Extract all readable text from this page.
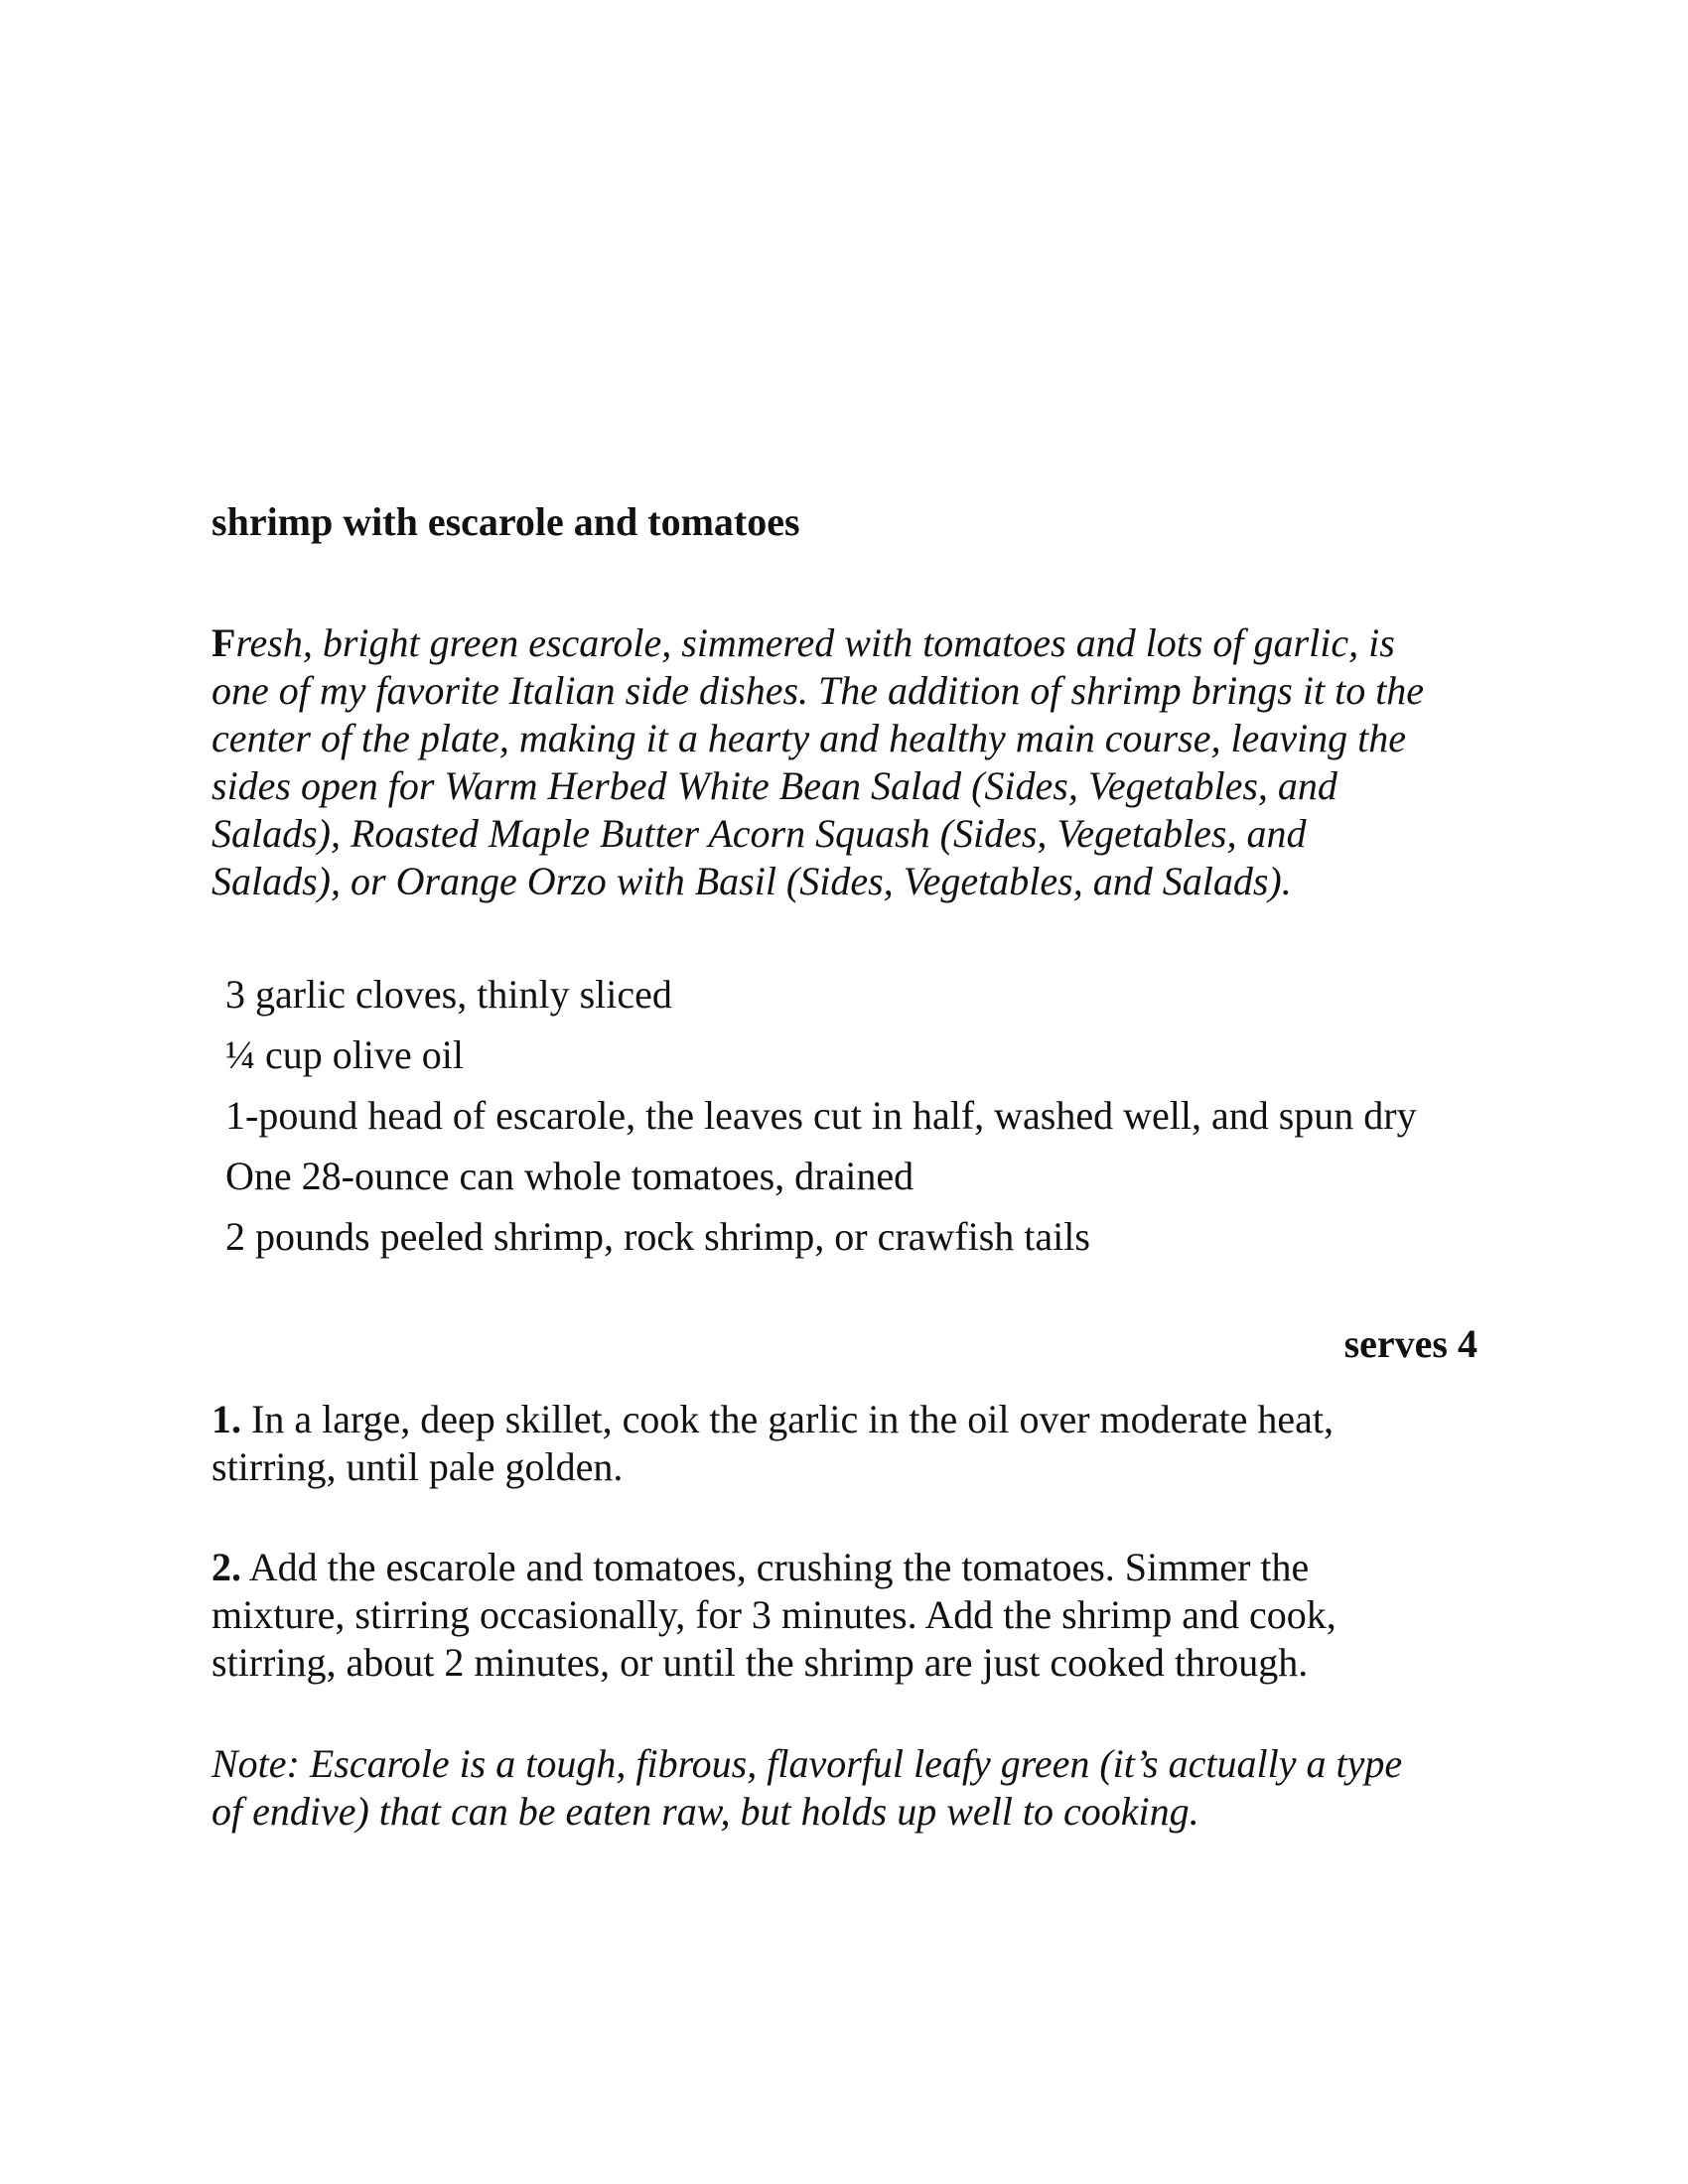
shrimp with escarole and tomatoes

Fresh, bright green escarole, simmered with tomatoes and lots of garlic, is
one of my favorite Italian side dishes. The addition of shrimp brings it to the
center of the plate, making it a hearty and healthy main course, leaving the
sides open for Warm Herbed White Bean Salad (Sides, Vegetables, and
Salads), Roasted Maple Butter Acorn Squash (Sides, Vegetables, and
Salads), or Orange Orzo with Basil (Sides, Vegetables, and Salads).

3 garlic cloves, thinly sliced
¼ cup olive oil
1-pound head of escarole, the leaves cut in half, washed well, and spun dry
One 28-ounce can whole tomatoes, drained
2 pounds peeled shrimp, rock shrimp, or crawfish tails
serves 4

1. In a large, deep skillet, cook the garlic in the oil over moderate heat,
stirring, until pale golden.

2. Add the escarole and tomatoes, crushing the tomatoes. Simmer the
mixture, stirring occasionally, for 3 minutes. Add the shrimp and cook,
stirring, about 2 minutes, or until the shrimp are just cooked through.

Note: Escarole is a tough, fibrous, flavorful leafy green (it’s actually a type
of endive) that can be eaten raw, but holds up well to cooking.
